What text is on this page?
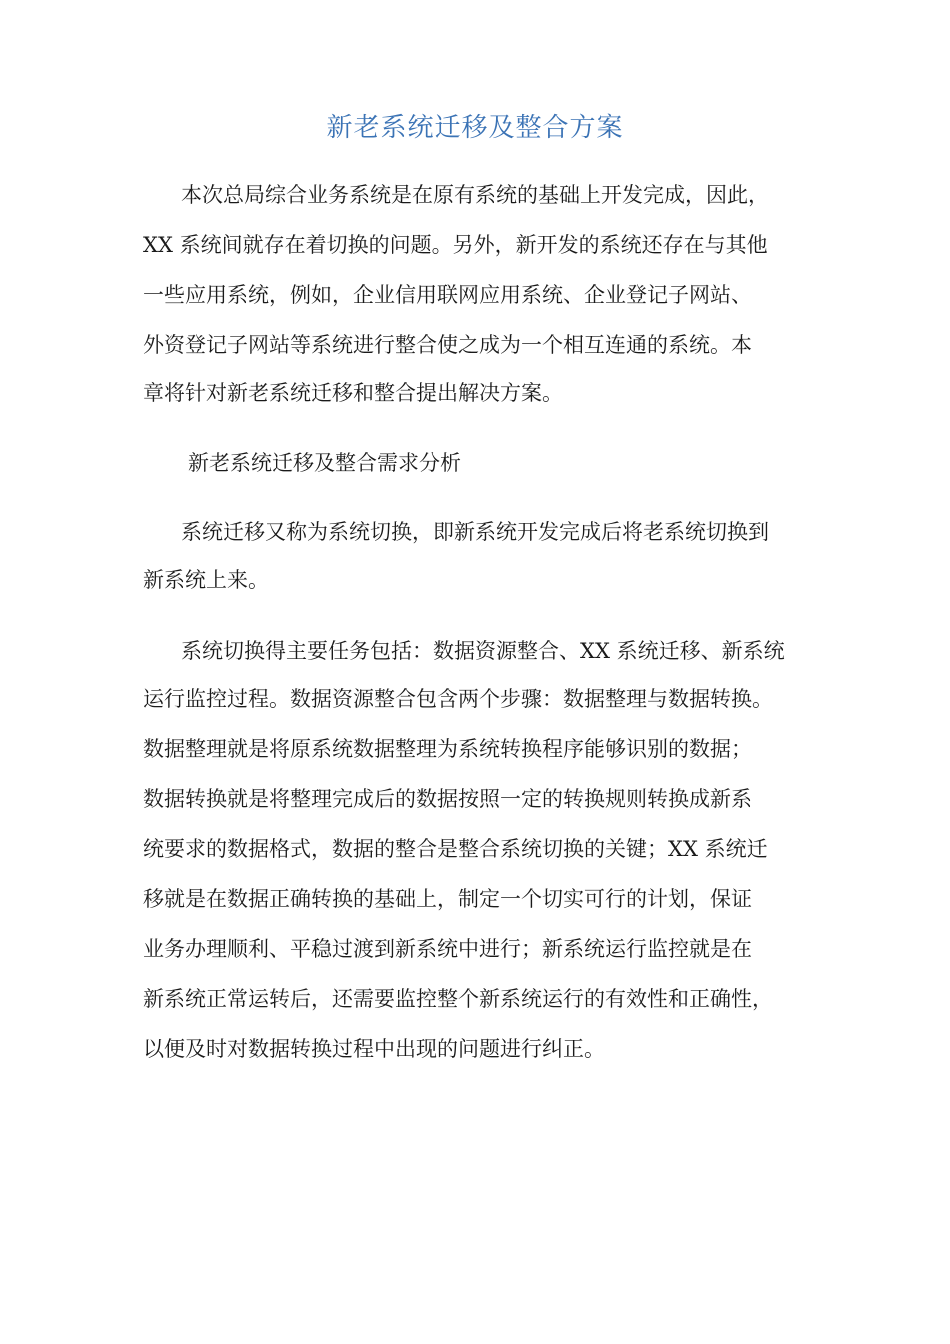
新老系统迁移及整合方案
本次总局综合业务系统是在原有系统的基础上开发完成，因此，
XX 系统间就存在着切换的问题。另外，新开发的系统还存在与其他
一些应用系统，例如，企业信用联网应用系统、企业登记子网站、
外资登记子网站等系统进行整合使之成为一个相互连通的系统。本
章将针对新老系统迁移和整合提出解决方案。
新老系统迁移及整合需求分析
系统迁移又称为系统切换，即新系统开发完成后将老系统切换到
新系统上来。
系统切换得主要任务包括：数据资源整合、XX 系统迁移、新系统
运行监控过程。数据资源整合包含两个步骤：数据整理与数据转换。
数据整理就是将原系统数据整理为系统转换程序能够识别的数据；
数据转换就是将整理完成后的数据按照一定的转换规则转换成新系
统要求的数据格式，数据的整合是整合系统切换的关键；XX 系统迁
移就是在数据正确转换的基础上，制定一个切实可行的计划，保证
业务办理顺利、平稳过渡到新系统中进行；新系统运行监控就是在
新系统正常运转后，还需要监控整个新系统运行的有效性和正确性，
以便及时对数据转换过程中出现的问题进行纠正。
